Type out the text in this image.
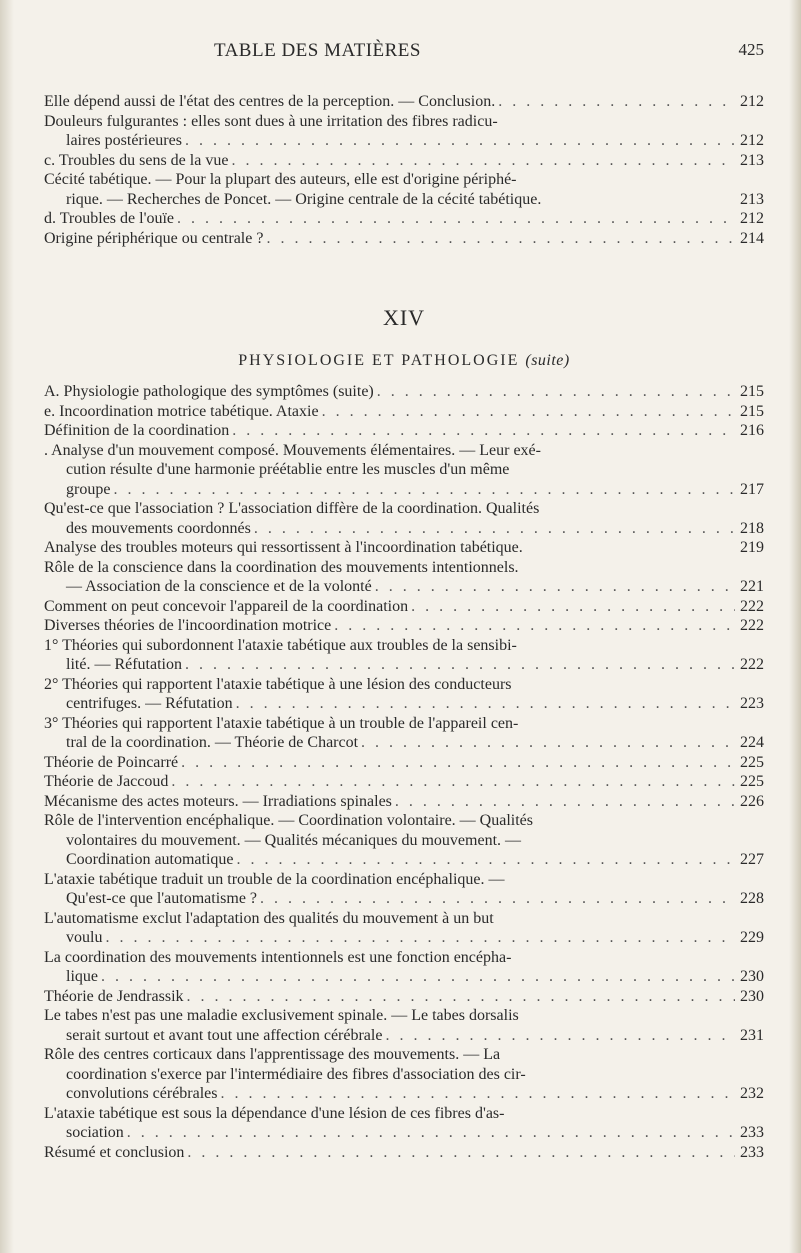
TABLE DES MATIÈRES	425
Elle dépend aussi de l'état des centres de la perception. — Conclusion. . . .	212
Douleurs fulgurantes : elles sont dues à une irritation des fibres radicu-
laires postérieures . . .	212
c. Troubles du sens de la vue . . .	213
Cécité tabétique. — Pour la plupart des auteurs, elle est d'origine périphé-
rique. — Recherches de Poncet. — Origine centrale de la cécité tabétique.	213
d. Troubles de l'ouïe . . .	212
Origine périphérique ou centrale ? . . .	214
XIV
PHYSIOLOGIE ET PATHOLOGIE (suite)
A. Physiologie pathologique des symptômes (suite) . . .	215
e. Incoordination motrice tabétique. Ataxie . . .	215
Définition de la coordination . . .	216
. Analyse d'un mouvement composé. Mouvements élémentaires. — Leur exé-
cution résulte d'une harmonie préétablie entre les muscles d'un même
groupe . . .	217
Qu'est-ce que l'association ? L'association diffère de la coordination. Qualités
des mouvements coordonnés . . .	218
Analyse des troubles moteurs qui ressortissent à l'incoordination tabétique.	219
Rôle de la conscience dans la coordination des mouvements intentionnels.
— Association de la conscience et de la volonté . . .	221
Comment on peut concevoir l'appareil de la coordination . . .	222
Diverses théories de l'incoordination motrice . . .	222
1° Théories qui subordonnent l'ataxie tabétique aux troubles de la sensibi-
lité. — Réfutation . . .	222
2° Théories qui rapportent l'ataxie tabétique à une lésion des conducteurs
centrifuges. — Réfutation . . .	223
3° Théories qui rapportent l'ataxie tabétique à un trouble de l'appareil cen-
tral de la coordination. — Théorie de Charcot . . .	224
Théorie de Poincarré . . .	225
Théorie de Jaccoud . . .	225
Mécanisme des actes moteurs. — Irradiations spinales . . .	226
Rôle de l'intervention encéphalique. — Coordination volontaire. — Qualités
volontaires du mouvement. — Qualités mécaniques du mouvement. —
Coordination automatique . . .	227
L'ataxie tabétique traduit un trouble de la coordination encéphalique. —
Qu'est-ce que l'automatisme ? . . .	228
L'automatisme exclut l'adaptation des qualités du mouvement à un but
voulu . . .	229
La coordination des mouvements intentionnels est une fonction encépha-
lique . . .	230
Théorie de Jendrassik . . .	230
Le tabes n'est pas une maladie exclusivement spinale. — Le tabes dorsalis
serait surtout et avant tout une affection cérébrale . . .	231
Rôle des centres corticaux dans l'apprentissage des mouvements. — La
coordination s'exerce par l'intermédiaire des fibres d'association des cir-
convolutions cérébrales . . .	232
L'ataxie tabétique est sous la dépendance d'une lésion de ces fibres d'as-
sociation . . .	233
Résumé et conclusion . . .	233
